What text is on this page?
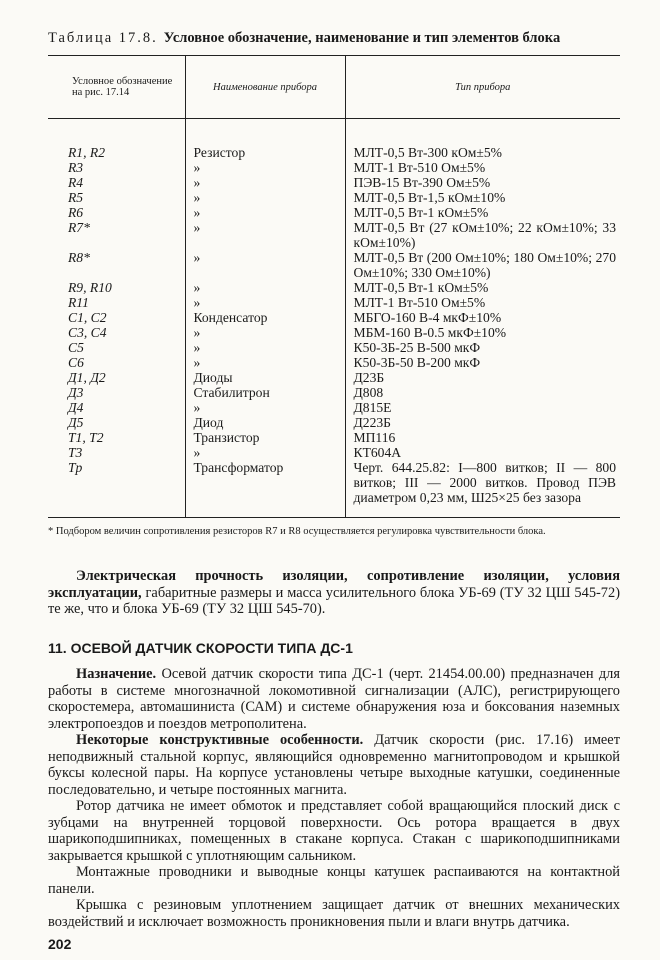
Таблица 17.8. Условное обозначение, наименование и тип элементов блока
Условное обозначение на рис. 17.14	Наименование прибора	Тип прибора
R1, R2	Резистор	МЛТ-0,5 Вт-300 кОм±5%
R3	»	МЛТ-1 Вт-510 Ом±5%
R4	»	ПЭВ-15 Вт-390 Ом±5%
R5	»	МЛТ-0,5 Вт-1,5 кОм±10%
R6	»	МЛТ-0,5 Вт-1 кОм±5%
R7*	»	МЛТ-0,5 Вт (27 кОм±10%; 22 кОм±10%; 33 кОм±10%)
R8*	»	МЛТ-0,5 Вт (200 Ом±10%; 180 Ом±10%; 270 Ом±10%; 330 Ом±10%)
R9, R10	»	МЛТ-0,5 Вт-1 кОм±5%
R11	»	МЛТ-1 Вт-510 Ом±5%
C1, C2	Конденсатор	МБГО-160 В-4 мкФ±10%
C3, C4	»	МБМ-160 В-0.5 мкФ±10%
C5	»	К50-3Б-25 В-500 мкФ
C6	»	К50-3Б-50 В-200 мкФ
Д1, Д2	Диоды	Д23Б
Д3	Стабилитрон	Д808
Д4	»	Д815Е
Д5	Диод	Д223Б
T1, T2	Транзистор	МП116
T3	»	КТ604А
Tp	Трансформатор	Черт. 644.25.82: I—800 витков; II — 800 витков; III — 2000 витков. Провод ПЭВ диаметром 0,23 мм, Ш25×25 без зазора
* Подбором величин сопротивления резисторов R7 и R8 осуществляется регулировка чувствительности блока.

Электрическая прочность изоляции, сопротивление изоляции, условия эксплуатации, габаритные размеры и масса усилительного блока УБ-69 (ТУ 32 ЦШ 545-72) те же, что и блока УБ-69 (ТУ 32 ЦШ 545-70).

11. ОСЕВОЙ ДАТЧИК СКОРОСТИ ТИПА ДС-1

Назначение. Осевой датчик скорости типа ДС-1 (черт. 21454.00.00) предназначен для работы в системе многозначной локомотивной сигнализации (АЛС), регистрирующего скоростемера, автомашиниста (САМ) и системе обнаружения юза и боксования наземных электропоездов и поездов метрополитена.

Некоторые конструктивные особенности. Датчик скорости (рис. 17.16) имеет неподвижный стальной корпус, являющийся одновременно магнитопроводом и крышкой буксы колесной пары. На корпусе установлены четыре выходные катушки, соединенные последовательно, и четыре постоянных магнита.

Ротор датчика не имеет обмоток и представляет собой вращающийся плоский диск с зубцами на внутренней торцовой поверхности. Ось ротора вращается в двух шарикоподшипниках, помещенных в стакане корпуса. Стакан с шарикоподшипниками закрывается крышкой с уплотняющим сальником.

Монтажные проводники и выводные концы катушек распаиваются на контактной панели.

Крышка с резиновым уплотнением защищает датчик от внешних механических воздействий и исключает возможность проникновения пыли и влаги внутрь датчика.

202
